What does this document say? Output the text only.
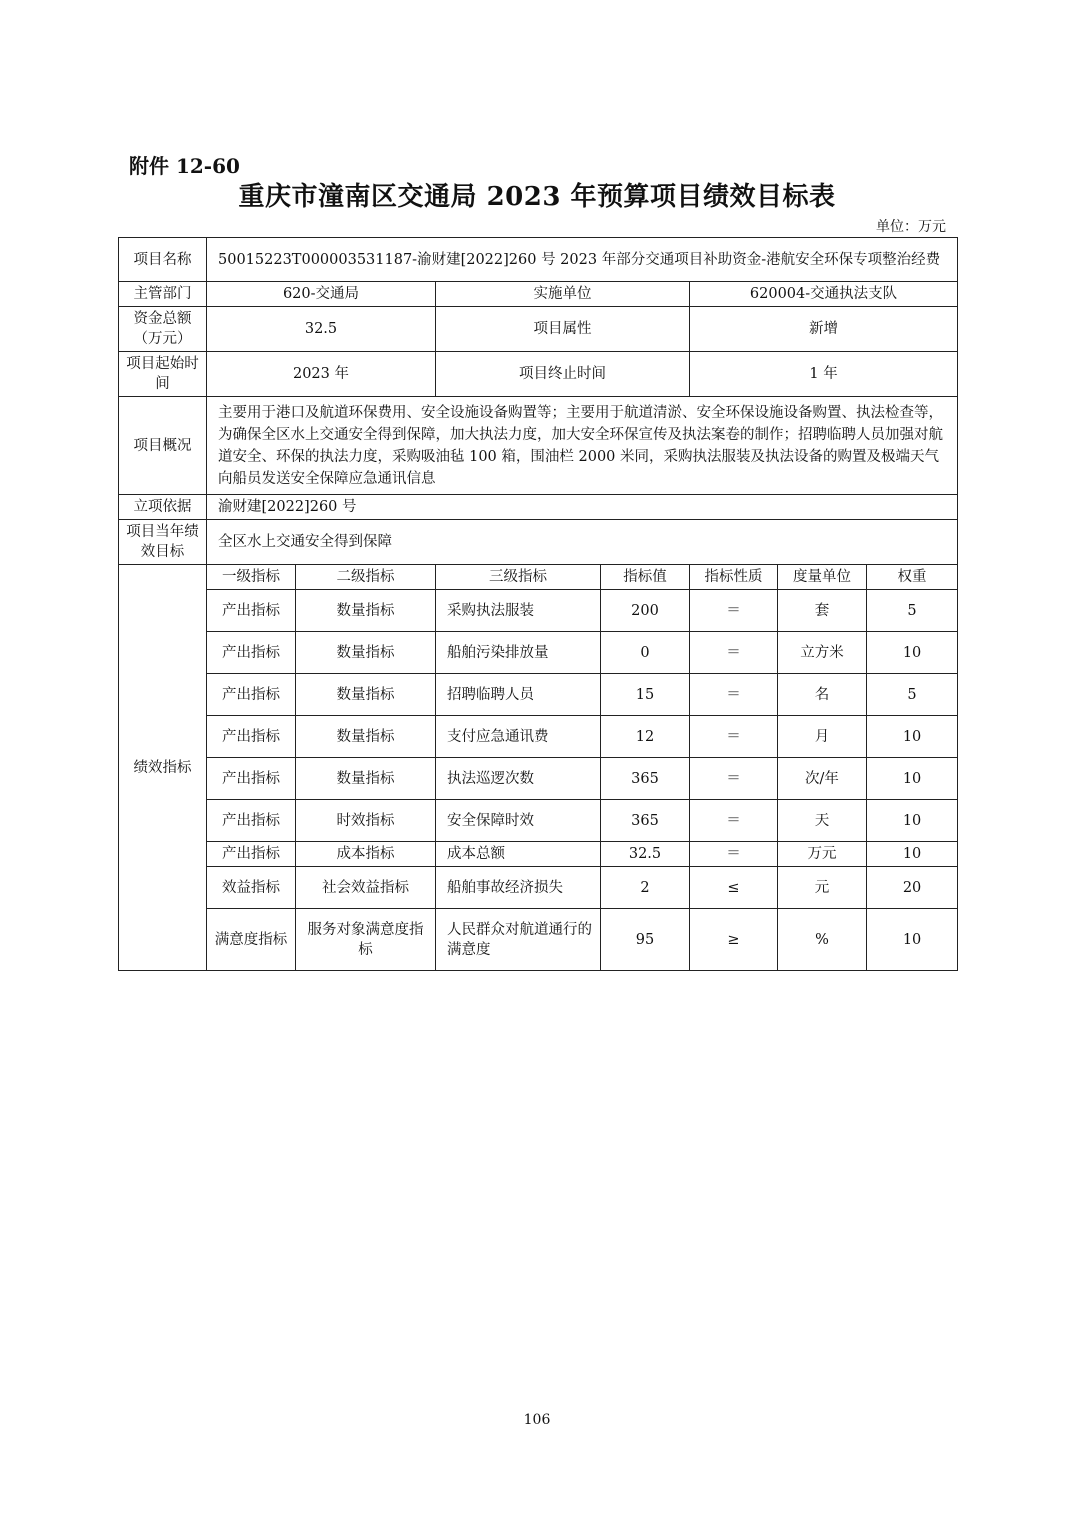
附件 12-60
重庆市潼南区交通局 2023 年预算项目绩效目标表
单位：万元
项目名称	50015223T000003531187-渝财建[2022]260 号 2023 年部分交通项目补助资金-港航安全环保专项整治经费						
主管部门	620-交通局		实施单位		620004-交通执法支队		
资金总额（万元）	32.5		项目属性		新增		
项目起始时间	2023 年		项目终止时间		1 年		
项目概况	主要用于港口及航道环保费用、安全设施设备购置等；主要用于航道清淤、安全环保设施设备购置、执法检查等，为确保全区水上交通安全得到保障，加大执法力度，加大安全环保宣传及执法案卷的制作；招聘临聘人员加强对航道安全、环保的执法力度，采购吸油毡 100 箱，围油栏 2000 米同，采购执法服装及执法设备的购置及极端天气向船员发送安全保障应急通讯信息						
立项依据	渝财建[2022]260 号						
项目当年绩效目标	全区水上交通安全得到保障						
绩效指标	一级指标	二级指标	三级指标	指标值	指标性质	度量单位	权重
	产出指标	数量指标	采购执法服装	200	＝	套	5
	产出指标	数量指标	船舶污染排放量	0	＝	立方米	10
	产出指标	数量指标	招聘临聘人员	15	＝	名	5
	产出指标	数量指标	支付应急通讯费	12	＝	月	10
	产出指标	数量指标	执法巡逻次数	365	＝	次/年	10
	产出指标	时效指标	安全保障时效	365	＝	天	10
	产出指标	成本指标	成本总额	32.5	＝	万元	10
	效益指标	社会效益指标	船舶事故经济损失	2	≤	元	20
	满意度指标	服务对象满意度指标	人民群众对航道通行的满意度	95	≥	%	10
106
